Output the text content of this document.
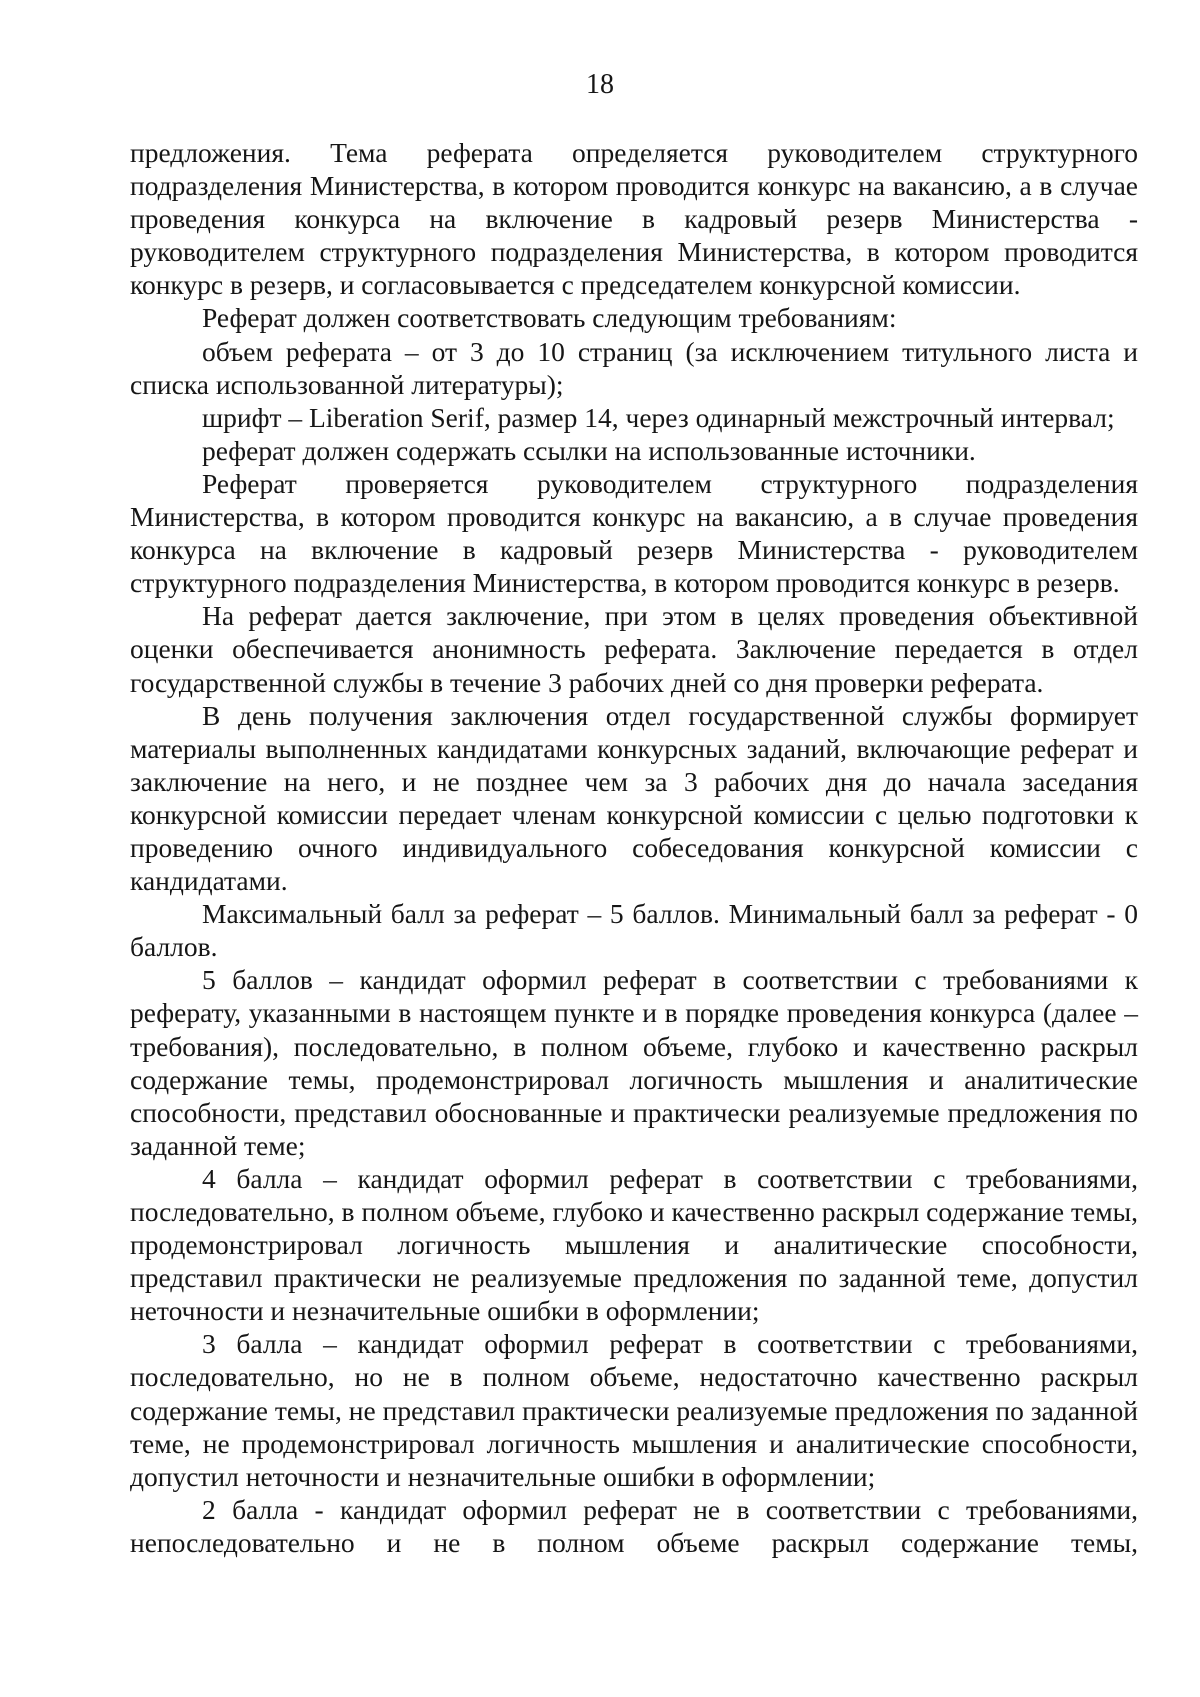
18

предложения. Тема реферата определяется руководителем структурного подразделения Министерства, в котором проводится конкурс на вакансию, а в случае проведения конкурса на включение в кадровый резерв Министерства - руководителем структурного подразделения Министерства, в котором проводится конкурс в резерв, и согласовывается с председателем конкурсной комиссии.

Реферат должен соответствовать следующим требованиям:

объем реферата – от 3 до 10 страниц (за исключением титульного листа и списка использованной литературы);

шрифт – Liberation Serif, размер 14, через одинарный межстрочный интервал;

реферат должен содержать ссылки на использованные источники.

Реферат проверяется руководителем структурного подразделения Министерства, в котором проводится конкурс на вакансию, а в случае проведения конкурса на включение в кадровый резерв Министерства - руководителем структурного подразделения Министерства, в котором проводится конкурс в резерв.

На реферат дается заключение, при этом в целях проведения объективной оценки обеспечивается анонимность реферата. Заключение передается в отдел государственной службы в течение 3 рабочих дней со дня проверки реферата.

В день получения заключения отдел государственной службы формирует материалы выполненных кандидатами конкурсных заданий, включающие реферат и заключение на него, и не позднее чем за 3 рабочих дня до начала заседания конкурсной комиссии передает членам конкурсной комиссии с целью подготовки к проведению очного индивидуального собеседования конкурсной комиссии с кандидатами.

Максимальный балл за реферат – 5 баллов. Минимальный балл за реферат - 0 баллов.

5 баллов – кандидат оформил реферат в соответствии с требованиями к реферату, указанными в настоящем пункте и в порядке проведения конкурса (далее – требования), последовательно, в полном объеме, глубоко и качественно раскрыл содержание темы, продемонстрировал логичность мышления и аналитические способности, представил обоснованные и практически реализуемые предложения по заданной теме;

4 балла – кандидат оформил реферат в соответствии с требованиями, последовательно, в полном объеме, глубоко и качественно раскрыл содержание темы, продемонстрировал логичность мышления и аналитические способности, представил практически не реализуемые предложения по заданной теме, допустил неточности и незначительные ошибки в оформлении;

3 балла – кандидат оформил реферат в соответствии с требованиями, последовательно, но не в полном объеме, недостаточно качественно раскрыл содержание темы, не представил практически реализуемые предложения по заданной теме, не продемонстрировал логичность мышления и аналитические способности, допустил неточности и незначительные ошибки в оформлении;

2 балла - кандидат оформил реферат не в соответствии с требованиями, непоследовательно и не в полном объеме раскрыл содержание темы,
